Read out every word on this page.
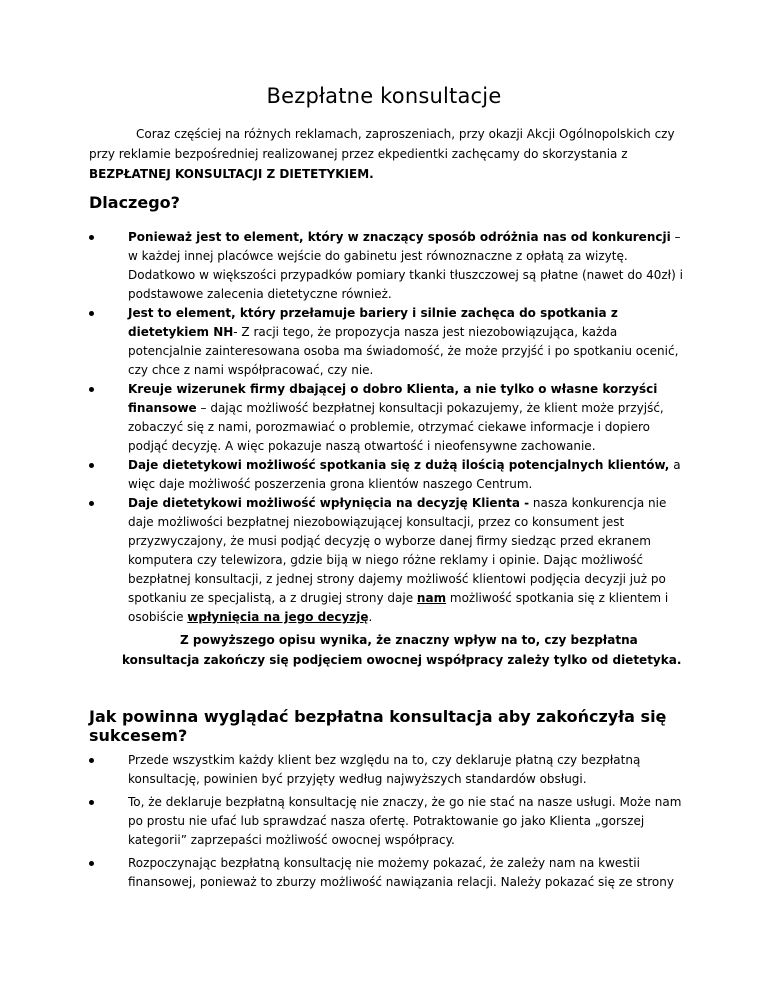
Bezpłatne konsultacje

Coraz częściej na różnych reklamach, zaproszeniach, przy okazji Akcji Ogólnopolskich czy przy reklamie bezpośredniej realizowanej przez ekpedientki zachęcamy do skorzystania z BEZPŁATNEJ KONSULTACJI Z DIETETYKIEM.

Dlaczego?
Ponieważ jest to element, który w znaczący sposób odróżnia nas od konkurencji – w każdej innej placówce wejście do gabinetu jest równoznaczne z opłatą za wizytę. Dodatkowo w większości przypadków pomiary tkanki tłuszczowej są płatne (nawet do 40zł) i podstawowe zalecenia dietetyczne również.
Jest to element, który przełamuje bariery i silnie zachęca do spotkania z dietetykiem NH- Z racji tego, że propozycja nasza jest niezobowiązująca, każda potencjalnie zainteresowana osoba ma świadomość, że może przyjść i po spotkaniu ocenić, czy chce z nami współpracować, czy nie.
Kreuje wizerunek firmy dbającej o dobro Klienta, a nie tylko o własne korzyści finansowe – dając możliwość bezpłatnej konsultacji pokazujemy, że klient może przyjść, zobaczyć się z nami, porozmawiać o problemie, otrzymać ciekawe informacje i dopiero podjąć decyzję. A więc pokazuje naszą otwartość i nieofensywne zachowanie.
Daje dietetykowi możliwość spotkania się z dużą ilością potencjalnych klientów, a więc daje możliwość poszerzenia grona klientów naszego Centrum.
Daje dietetykowi możliwość wpłynięcia na decyzję Klienta - nasza konkurencja nie daje możliwości bezpłatnej niezobowiązującej konsultacji, przez co konsument jest przyzwyczajony, że musi podjąć decyzję o wyborze danej firmy siedząc przed ekranem komputera czy telewizora, gdzie biją w niego różne reklamy i opinie. Dając możliwość bezpłatnej konsultacji, z jednej strony dajemy możliwość klientowi podjęcia decyzji już po spotkaniu ze specjalistą, a z drugiej strony daje nam możliwość spotkania się z klientem i osobiście wpłynięcia na jego decyzję.

Z powyższego opisu wynika, że znaczny wpływ na to, czy bezpłatna konsultacja zakończy się podjęciem owocnej współpracy zależy tylko od dietetyka.

Jak powinna wyglądać bezpłatna konsultacja aby zakończyła się sukcesem?
Przede wszystkim każdy klient bez względu na to, czy deklaruje płatną czy bezpłatną konsultację, powinien być przyjęty według najwyższych standardów obsługi.
To, że deklaruje bezpłatną konsultację nie znaczy, że go nie stać na nasze usługi. Może nam po prostu nie ufać lub sprawdzać nasza ofertę. Potraktowanie go jako Klienta „gorszej kategorii” zaprzepaści możliwość owocnej współpracy.
Rozpoczynając bezpłatną konsultację nie możemy pokazać, że zależy nam na kwestii finansowej, ponieważ to zburzy możliwość nawiązania relacji. Należy pokazać się ze strony
